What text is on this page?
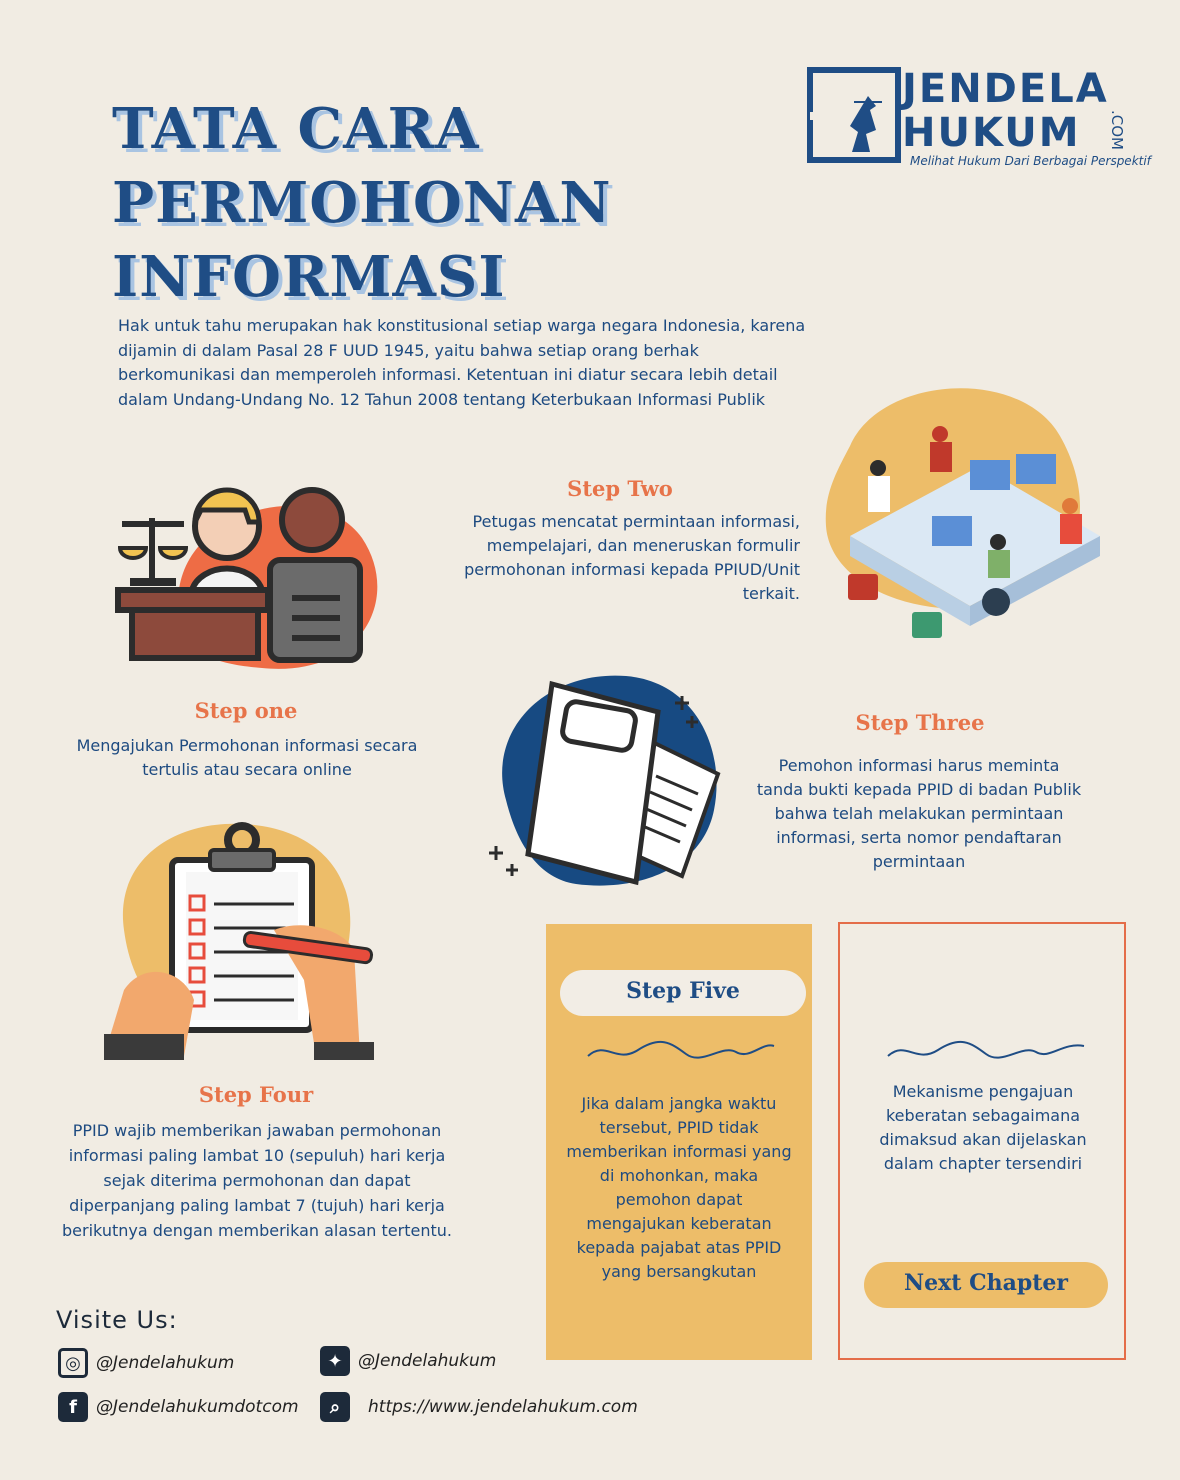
TATA CARA
PERMOHONAN
INFORMASI
JENDELA
HUKUM .COM
Melihat Hukum Dari Berbagai Perspektif
Hak untuk tahu merupakan hak konstitusional setiap warga negara Indonesia, karena dijamin di dalam Pasal 28 F UUD 1945, yaitu bahwa setiap orang berhak berkomunikasi dan memperoleh informasi. Ketentuan ini diatur secara lebih detail dalam Undang-Undang No. 12 Tahun 2008 tentang Keterbukaan Informasi Publik
Step one
Mengajukan Permohonan informasi secara tertulis atau secara online
Step Two
Petugas mencatat permintaan informasi, mempelajari, dan meneruskan formulir permohonan informasi kepada PPIUD/Unit terkait.
Step Three
Pemohon informasi harus meminta tanda bukti kepada PPID di badan Publik bahwa telah melakukan permintaan informasi, serta nomor pendaftaran permintaan
Step Four
PPID wajib memberikan jawaban permohonan informasi paling lambat 10 (sepuluh) hari kerja sejak diterima permohonan dan dapat diperpanjang paling lambat 7 (tujuh) hari kerja berikutnya dengan memberikan alasan tertentu.
Step Five
Jika dalam jangka waktu tersebut, PPID tidak memberikan informasi yang di mohonkan, maka pemohon dapat mengajukan keberatan kepada pajabat atas PPID yang bersangkutan
Mekanisme pengajuan keberatan sebagaimana dimaksud akan dijelaskan dalam chapter tersendiri
Next Chapter
Visite Us:
◎ @Jendelahukum	✦ @Jendelahukum
f	@Jendelahukumdotcom	⌕	https://www.jendelahukum.com
